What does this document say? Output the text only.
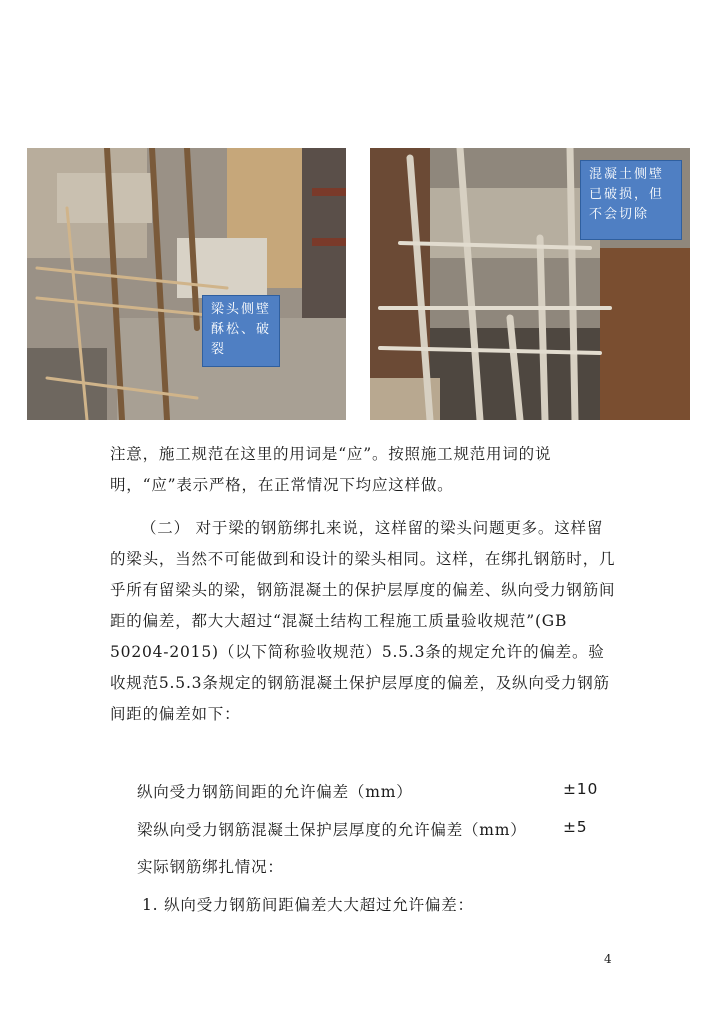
梁头侧壁酥松、破裂
混凝土侧壁已破损，但不会切除

注意，施工规范在这里的用词是“应”。按照施工规范用词的说明，“应”表示严格，在正常情况下均应这样做。

（二） 对于梁的钢筋绑扎来说，这样留的梁头问题更多。这样留的梁头，当然不可能做到和设计的梁头相同。这样，在绑扎钢筋时，几乎所有留梁头的梁，钢筋混凝土的保护层厚度的偏差、纵向受力钢筋间距的偏差，都大大超过“混凝土结构工程施工质量验收规范”(GB 50204-2015)（以下简称验收规范）5.5.3条的规定允许的偏差。验收规范5.5.3条规定的钢筋混凝土保护层厚度的偏差，及纵向受力钢筋间距的偏差如下：

纵向受力钢筋间距的允许偏差（mm）	±10
梁纵向受力钢筋混凝土保护层厚度的允许偏差（mm） ±5
实际钢筋绑扎情况：
1. 纵向受力钢筋间距偏差大大超过允许偏差：
4
